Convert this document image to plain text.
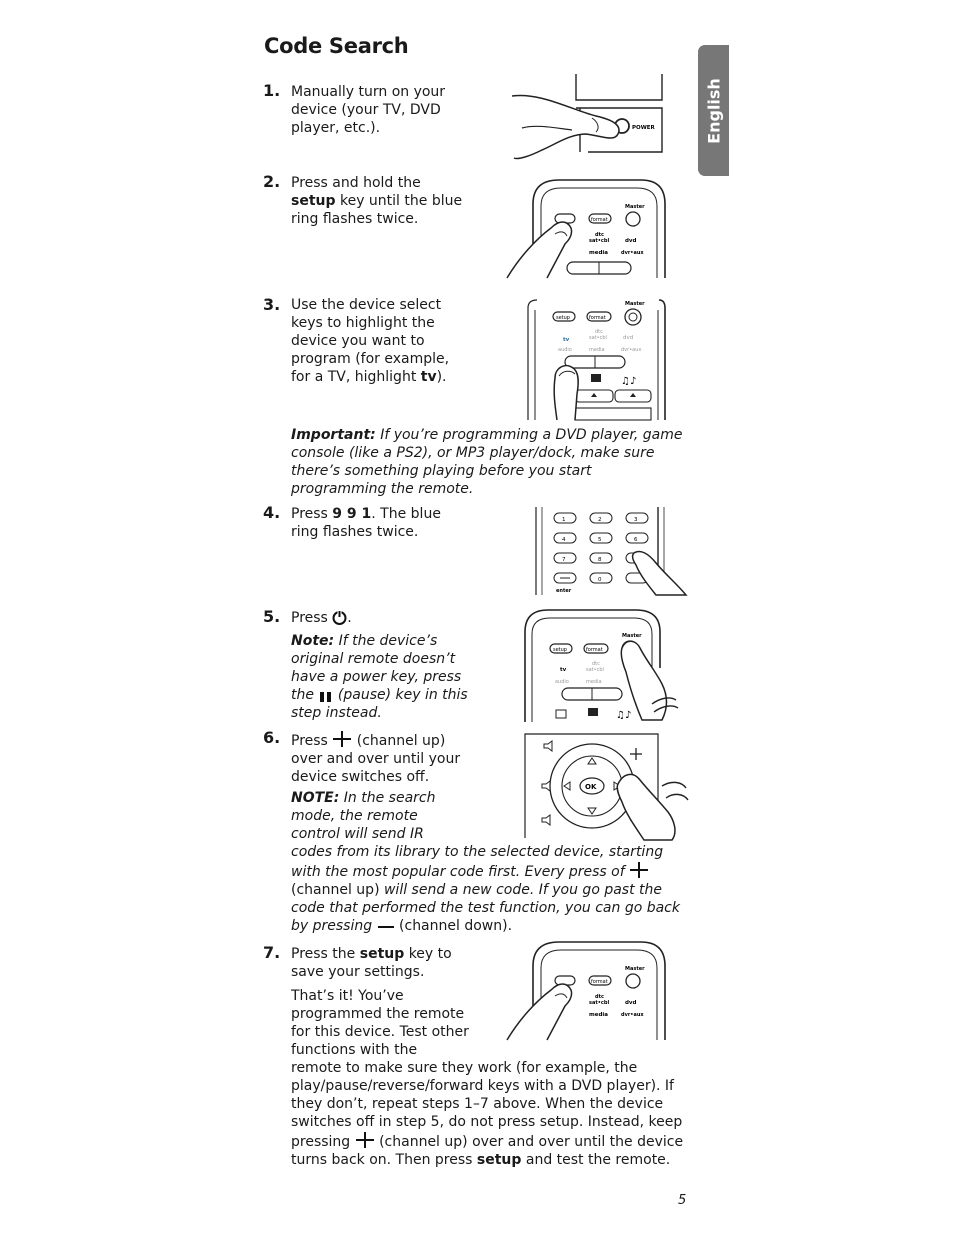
Code Search
English
1. Manually turn on your device (your TV, DVD player, etc.).	POWER
2. Press and hold the setup key until the blue ring flashes twice.	format
Master
dtc
sat•cbl	dvd
media	dvr•aux
3. Use the device select keys to highlight the device you want to program (for example, for a TV, highlight tv).
setup	format
Master
dtc
sat•cbl	dvd
tv
audio	media	dvr•aux
♫♪
Important: If you’re programming a DVD player, game console (like a PS2), or MP3 player/dock, make sure there’s something playing before you start programming the remote.
4. Press 9 9 1. The blue ring flashes twice.
1	2	3
4	5	6
7	8
0
enter
5. Press .
Note: If the device’s original remote doesn’t have a power key, press the  (pause) key in this step instead.
setup	format
Master
dtc
sat•cbl
tv
audio	media
♫♪
6. Press  (channel up) over and over until your device switches off.
OK
NOTE: In the search mode, the remote control will send IR codes from its library to the selected device, starting with the most popular code first. Every press of  (channel up) will send a new code. If you go past the code that performed the test function, you can go back by pressing  (channel down).
7. Press the setup key to save your settings.
format
Master
dtc
sat•cbl	dvd
media	dvr•aux
That’s it! You’ve programmed the remote for this device. Test other functions with the remote to make sure they work (for example, the play/pause/reverse/forward keys with a DVD player). If they don’t, repeat steps 1–7 above. When the device switches off in step 5, do not press setup. Instead, keep pressing  (channel up) over and over until the device turns back on. Then press setup and test the remote.
5
